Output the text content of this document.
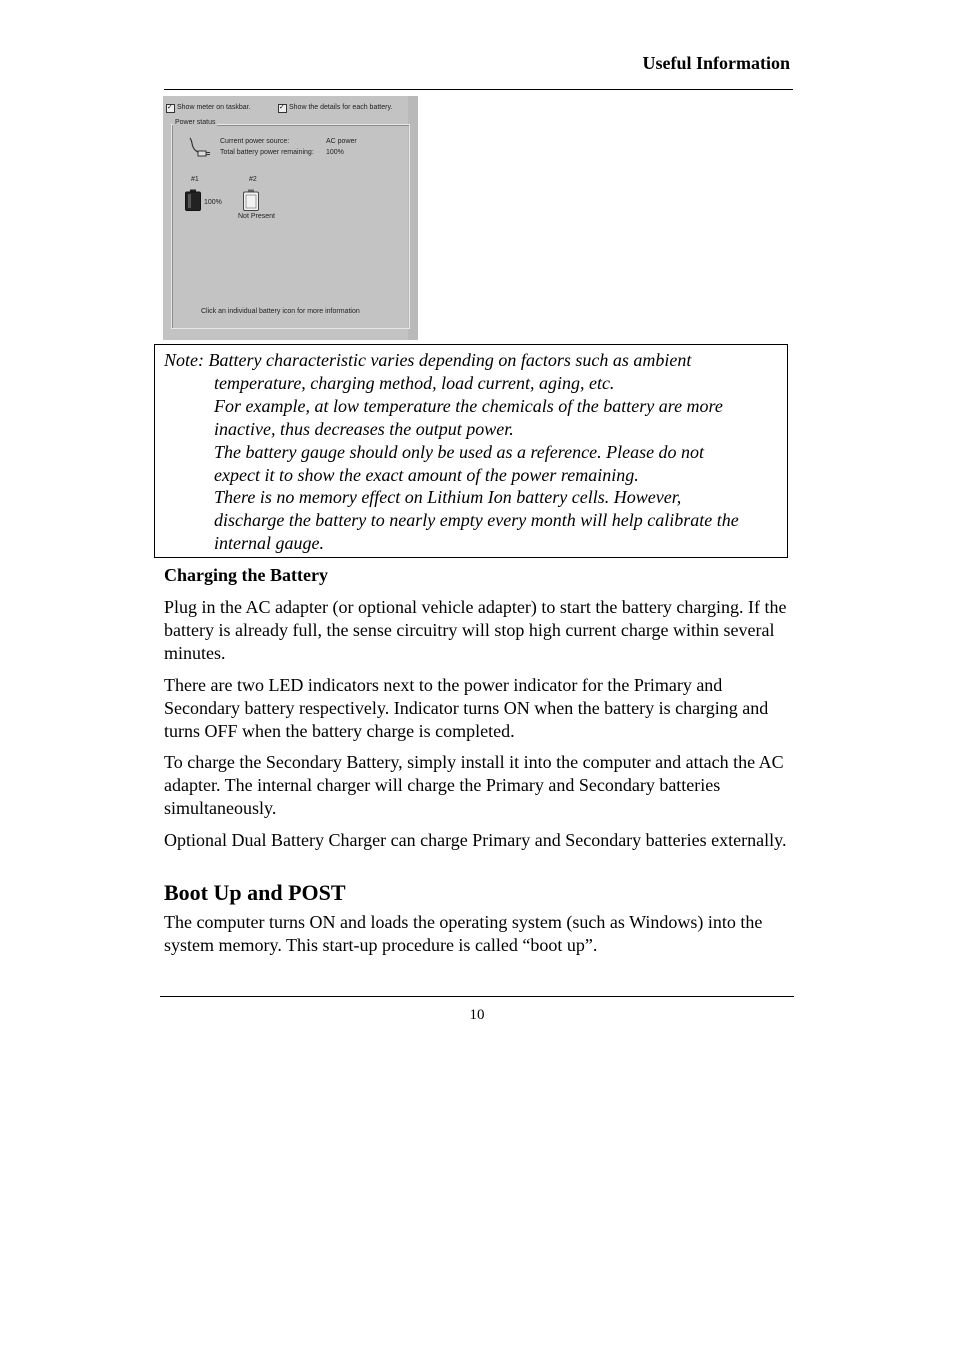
Useful Information
✓
Show meter on taskbar.
✓	Show the details for each battery.
Power status
Current power source:	AC power
Total battery power remaining: 100%
#1
100%
#2
Not Present
Click an individual battery icon for more information
Note: Battery characteristic varies depending on factors such as ambient
temperature, charging method, load current, aging, etc.
For example, at low temperature the chemicals of the battery are more
inactive, thus decreases the output power.
The battery gauge should only be used as a reference. Please do not
expect it to show the exact amount of the power remaining.
There is no memory effect on Lithium Ion battery cells. However,
discharge the battery to nearly empty every month will help calibrate the
internal gauge.
Charging the Battery
Plug in the AC adapter (or optional vehicle adapter) to start the battery charging. If the battery is already full, the sense circuitry will stop high current charge within several minutes.
There are two LED indicators next to the power indicator for the Primary and Secondary battery respectively. Indicator turns ON when the battery is charging and turns OFF when the battery charge is completed.
To charge the Secondary Battery, simply install it into the computer and attach the AC adapter. The internal charger will charge the Primary and Secondary batteries simultaneously.
Optional Dual Battery Charger can charge Primary and Secondary batteries externally.
Boot Up and POST
The computer turns ON and loads the operating system (such as Windows) into the system memory. This start-up procedure is called “boot up”.
10
